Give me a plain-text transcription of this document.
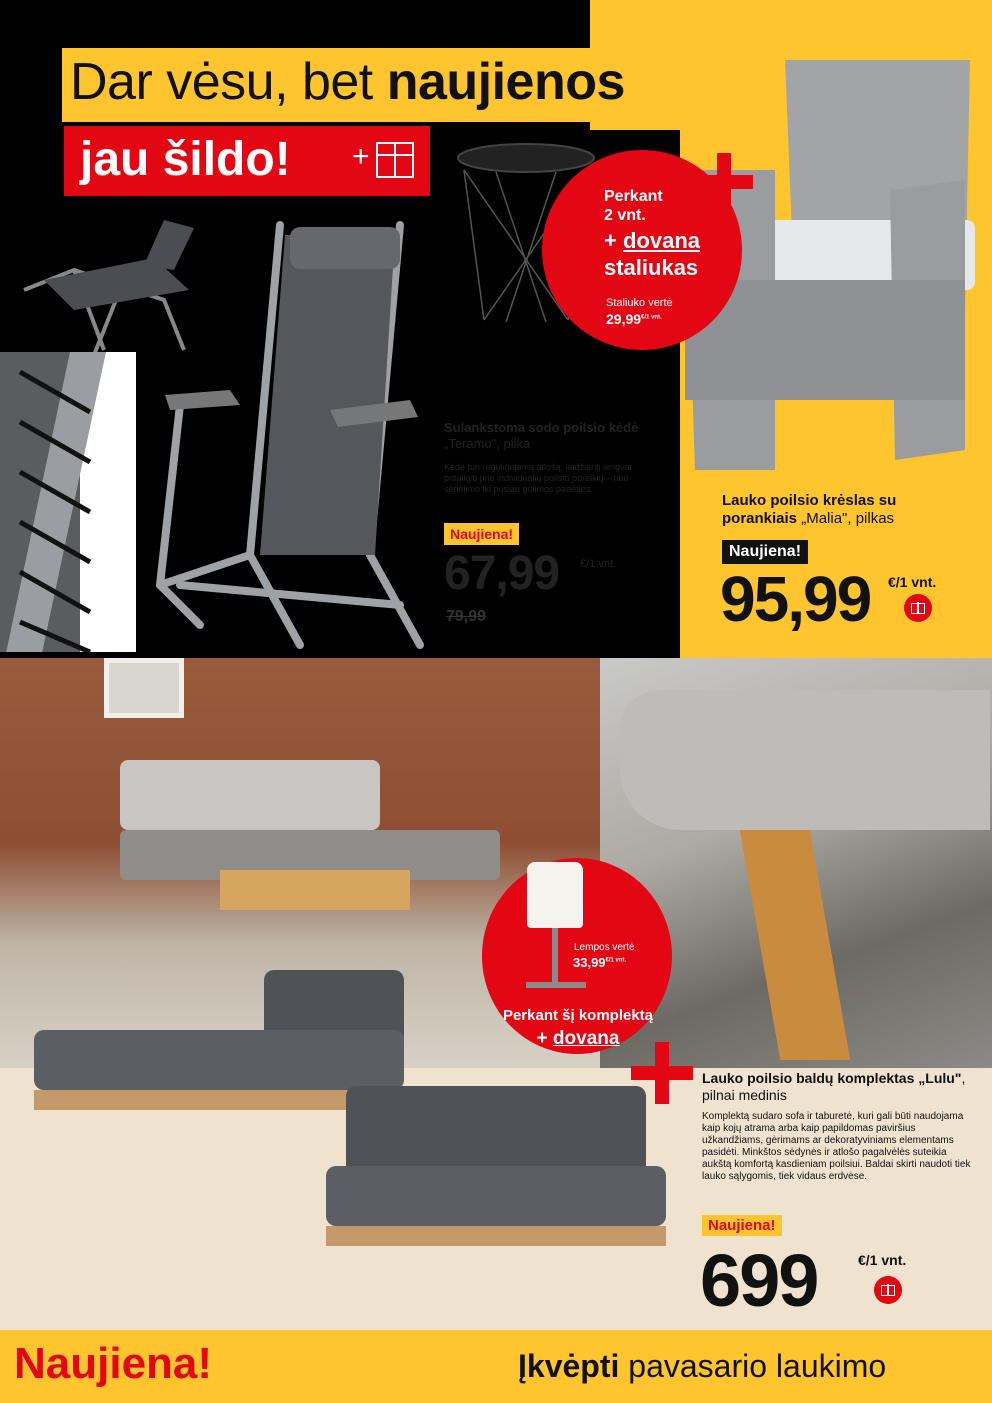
Dar vėsu, bet naujienos
jau šildo! +
Perkant
2 vnt.
+ dovana
staliukas
Staliuko vertė
$29,99^{€/1 vnt.}$
Sulankstoma sodo poilsio kėdė „Teramo", pilka
Kėdė turi reguliuojamą atlošą, leidžiantį lengvai pritaikyti prie individualių poilsio poreikių – nuo sėdėjimo iki pusiau gulimos padėties.
Naujiena!
67,99 €/1 vnt.
79,99
Lauko poilsio krėslas su porankiais „Malia", pilkas
Naujiena!
95,99 €/1 vnt.
Lempos vertė
$33,99^{€/1 vnt.}$
Perkant šį komplektą
+ dovana
Lauko poilsio baldų komplektas „Lulu", pilnai medinis
Komplektą sudaro sofa ir taburetė, kuri gali būti naudojama kaip kojų atrama arba kaip papildomas paviršius užkandžiams, gėrimams ar dekoratyviniams elementams pasidėti. Minkštos sėdynės ir atlošo pagalvėlės suteikia aukštą komfortą kasdieniam poilsiui. Baldai skirti naudoti tiek lauko sąlygomis, tiek vidaus erdvėse.
Naujiena!
699	€/1 vnt.
Naujiena!	Įkvėpti pavasario laukimo
